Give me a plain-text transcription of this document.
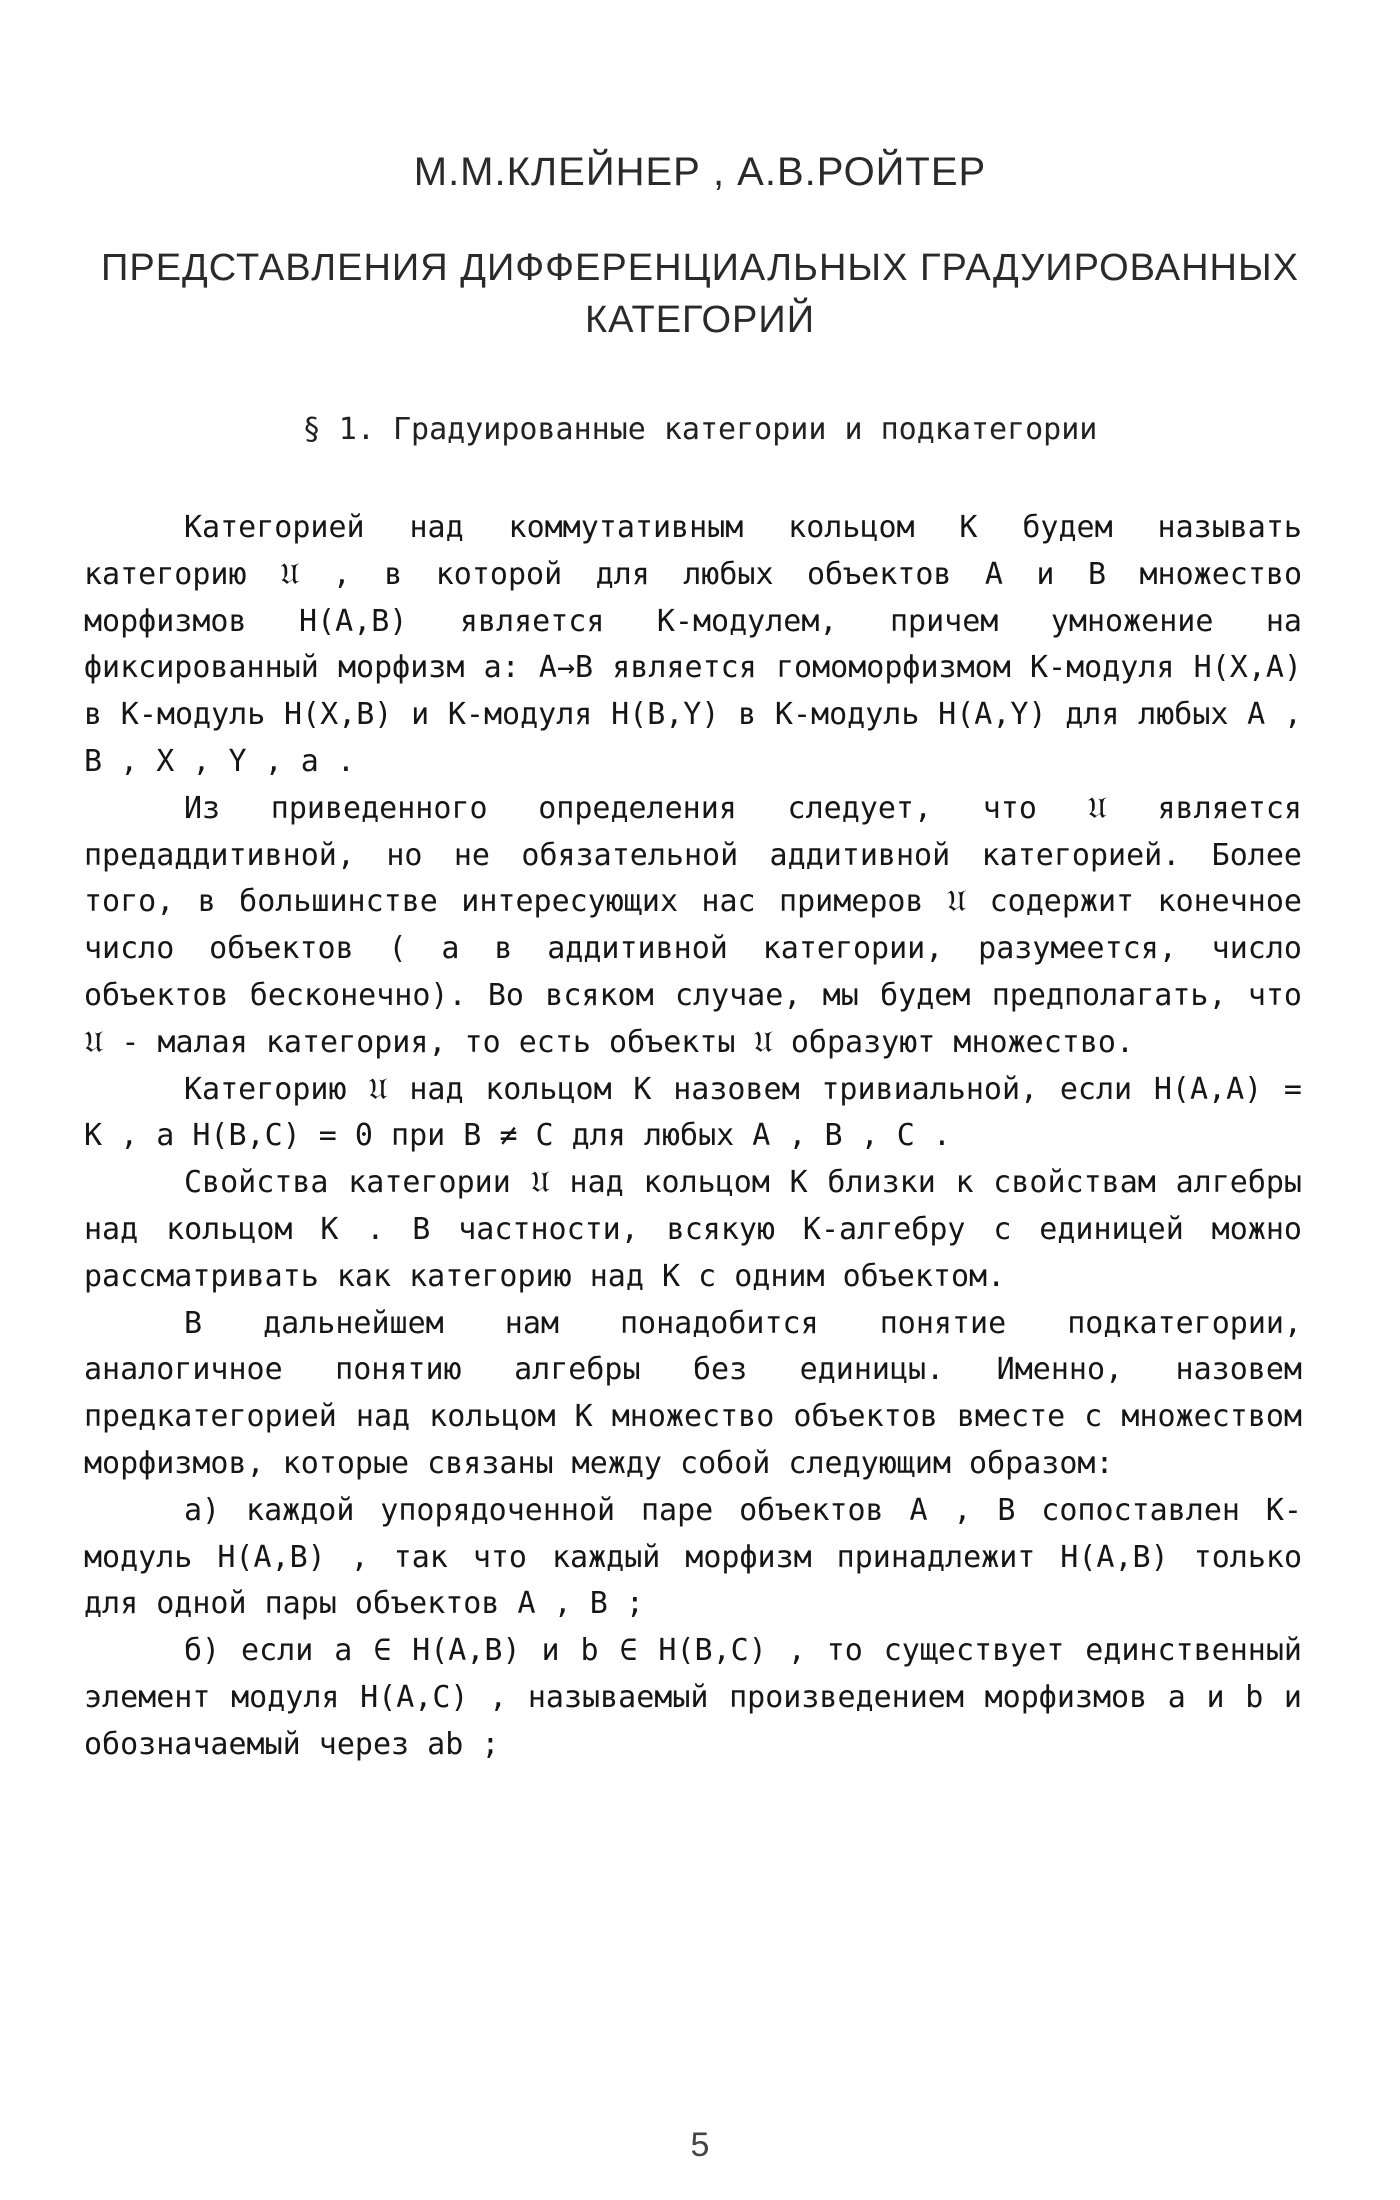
М.М.КЛЕЙНЕР , А.В.РОЙТЕР
ПРЕДСТАВЛЕНИЯ ДИФФЕРЕНЦИАЛЬНЫХ ГРАДУИРОВАННЫХ КАТЕГОРИЙ
§ 1. Градуированные категории и подкатегории

Категорией над коммутативным кольцом K будем называть категорию 𝔘 , в которой для любых объектов A и B множество морфизмов H(A,B) является K-модулем, причем умножение на фиксированный морфизм a: A→B является гомоморфизмом K-модуля H(X,A) в K-модуль H(X,B) и K-модуля H(B,Y) в K-модуль H(A,Y) для любых A , B , X , Y , a .

Из приведенного определения следует, что 𝔘 является предаддитивной, но не обязательной аддитивной категорией. Более того, в большинстве интересующих нас примеров 𝔘 содержит конечное число объектов ( а в аддитивной категории, разумеется, число объектов бесконечно). Во всяком случае, мы будем предполагать, что 𝔘 - малая категория, то есть объекты 𝔘 образуют множество.

Категорию 𝔘 над кольцом K назовем тривиальной, если H(A,A) = K , а H(B,C) = 0 при B ≠ C для любых A , B , C .

Свойства категории 𝔘 над кольцом K близки к свойствам алгебры над кольцом K . В частности, всякую K-алгебру с единицей можно рассматривать как категорию над K с одним объектом.

В дальнейшем нам понадобится понятие подкатегории, аналогичное понятию алгебры без единицы. Именно, назовем предкатегорией над кольцом K множество объектов вместе с множеством морфизмов, которые связаны между собой следующим образом:

а) каждой упорядоченной паре объектов A , B сопоставлен K-модуль H(A,B) , так что каждый морфизм принадлежит H(A,B) только для одной пары объектов A , B ;

б) если a ∈ H(A,B) и b ∈ H(B,C) , то существует единственный элемент модуля H(A,C) , называемый произведением морфизмов a и b и обозначаемый через ab ;

5
